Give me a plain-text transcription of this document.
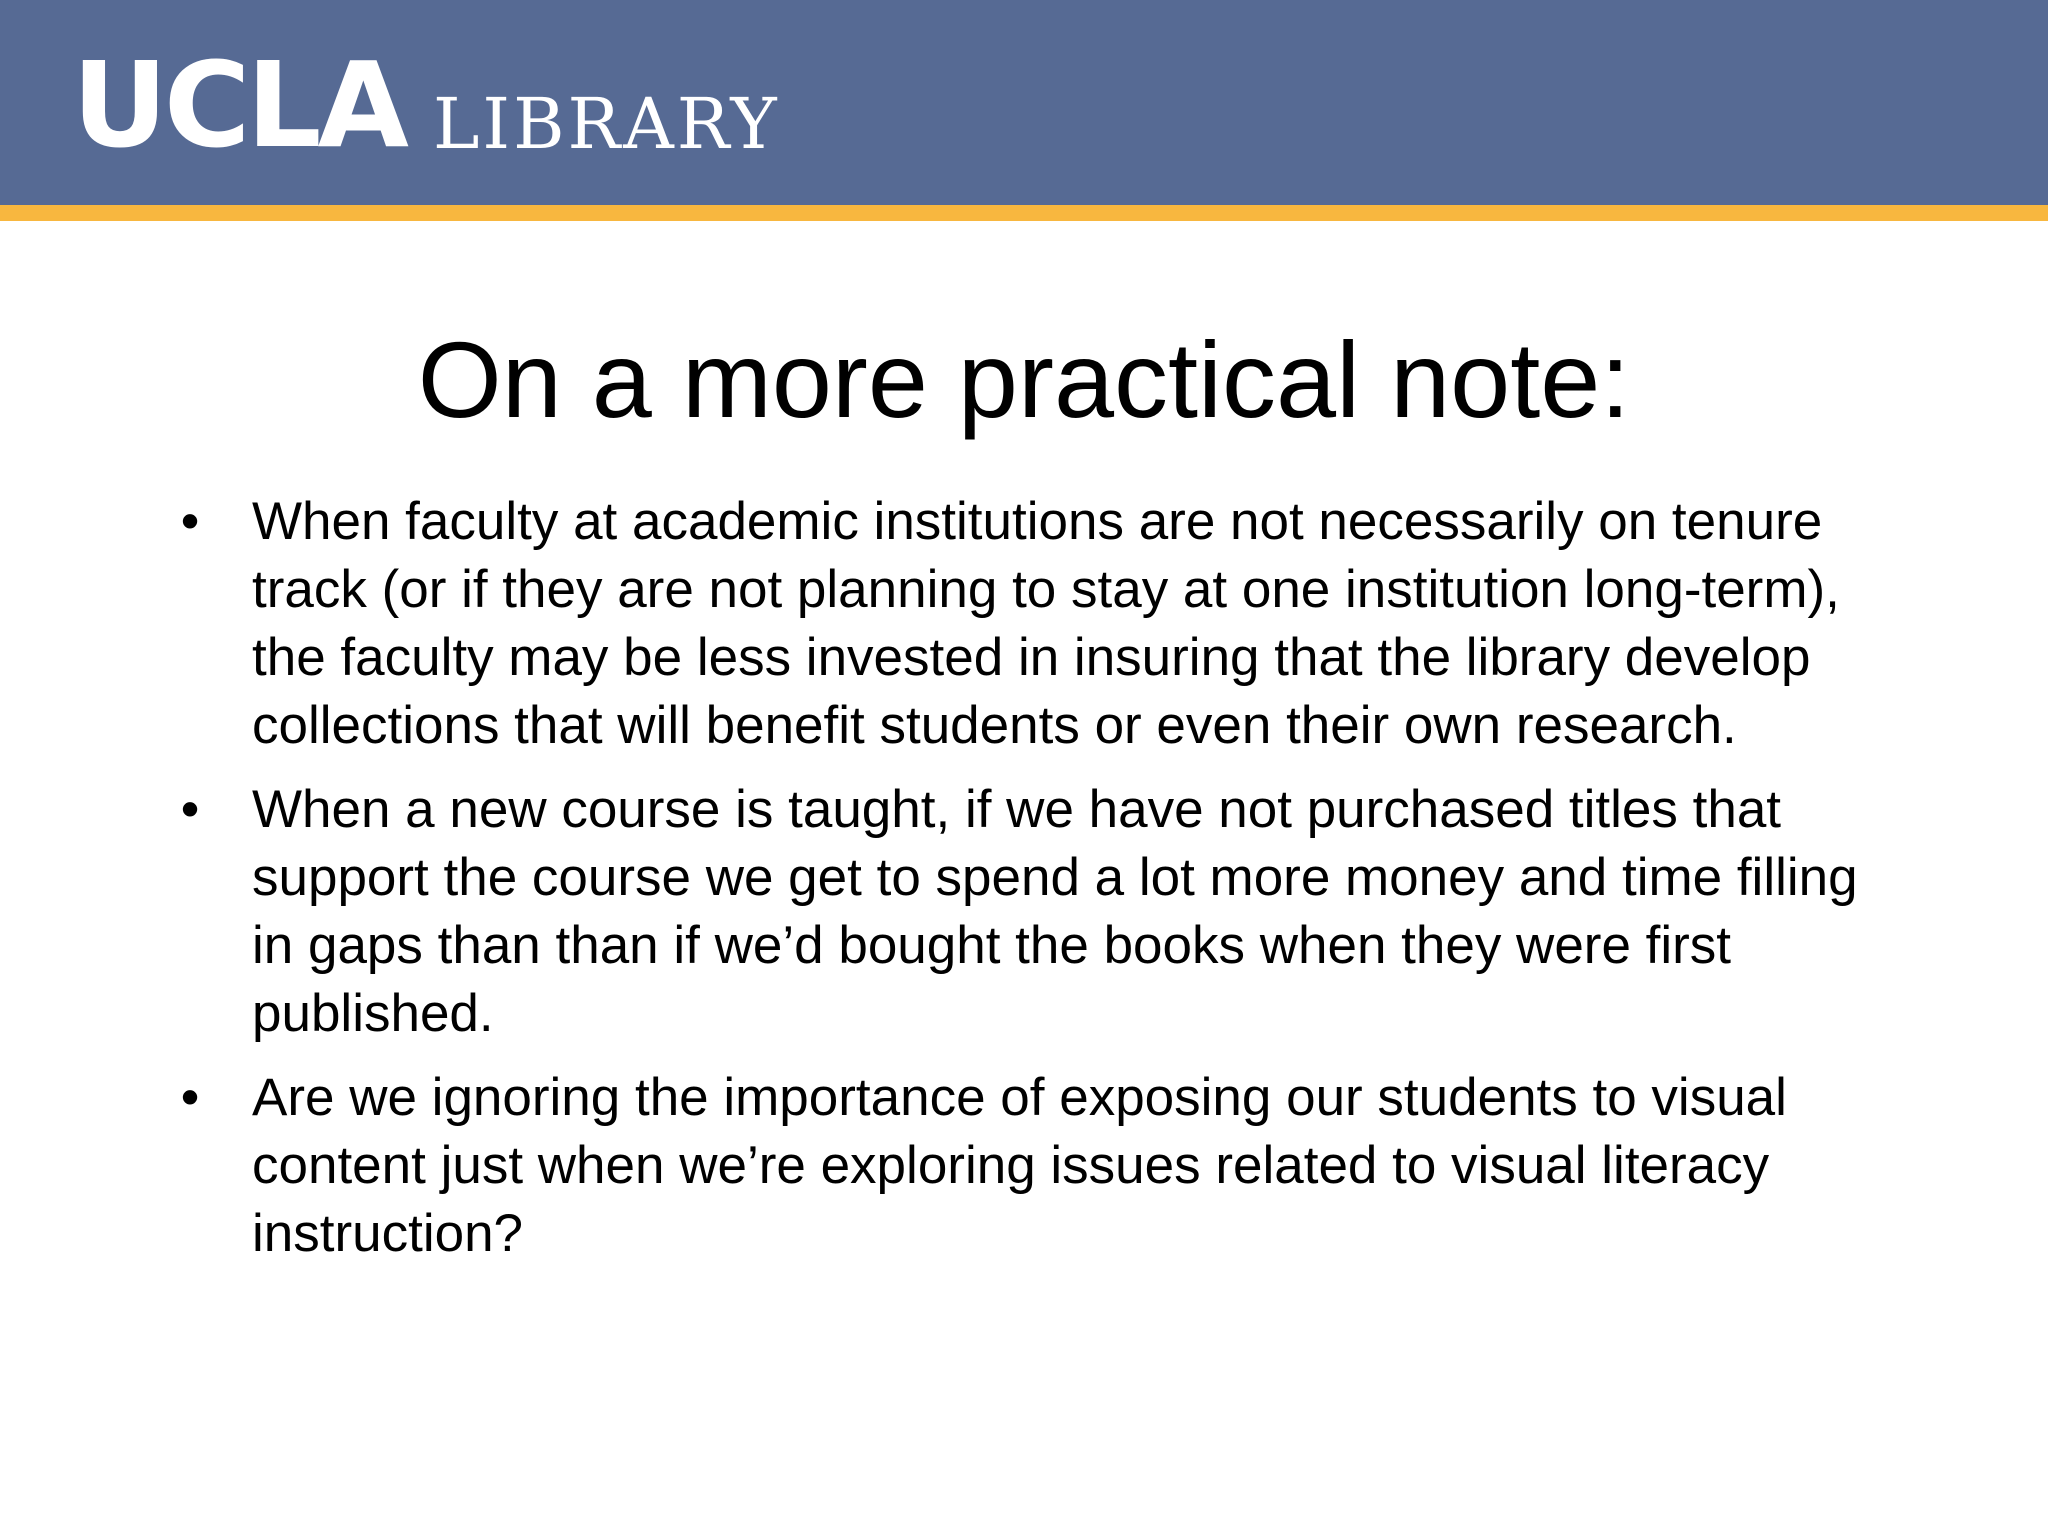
UCLA LIBRARY
On a more practical note:
• When faculty at academic institutions are not necessarily on tenure track (or if they are not planning to stay at one institution long-term), the faculty may be less invested in insuring that the library develop collections that will benefit students or even their own research.
• When a new course is taught, if we have not purchased titles that support the course we get to spend a lot more money and time filling in gaps than than if we’d bought the books when they were first published.
• Are we ignoring the importance of exposing our students to visual content just when we’re exploring issues related to visual literacy instruction?
